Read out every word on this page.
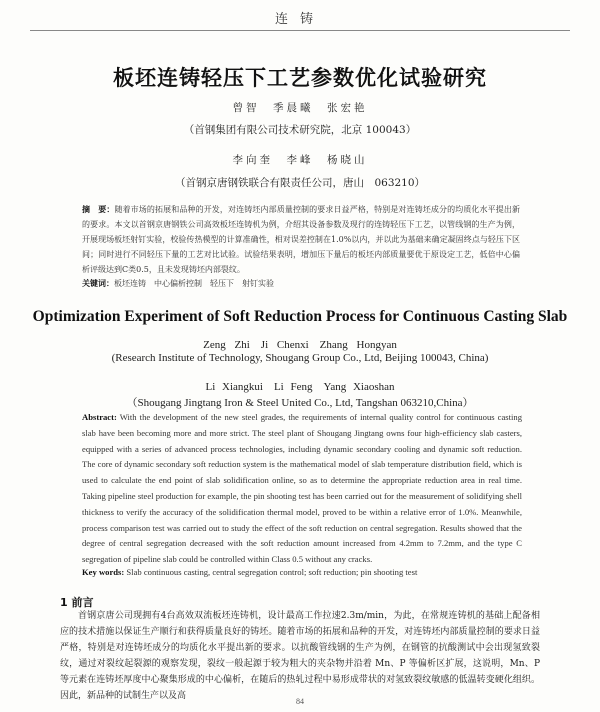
连铸
板坯连铸轻压下工艺参数优化试验研究
曾智　季晨曦　张宏艳
（首钢集团有限公司技术研究院，北京 100043）
李向奎　李峰　杨晓山
（首钢京唐钢铁联合有限责任公司，唐山　063210）
摘　要：随着市场的拓展和品种的开发，对连铸坯内部质量控制的要求日益严格，特别是对连铸坯成分的均质化水平提出新的要求。本文以首钢京唐钢铁公司高效板坯连铸机为例，介绍其设备参数及现行的连铸轻压下工艺，以管线钢的生产为例，开展现场板坯射钉实验，校验传热模型的计算准确性，相对误差控制在1.0%以内，并以此为基础来确定凝固终点与轻压下区间；同时进行不同轻压下量的工艺对比试验。试验结果表明，增加压下量后的板坯内部质量要优于原设定工艺，低倍中心偏析评级达到C类0.5，且未发现铸坯内部裂纹。
关键词：板坯连铸　中心偏析控制　轻压下　射钉实验
Optimization Experiment of Soft Reduction Process for Continuous Casting Slab
Zeng Zhi　Ji Chenxi　Zhang Hongyan
(Research Institute of Technology, Shougang Group Co., Ltd, Beijing 100043, China)
Li Xiangkui　Li Feng　Yang Xiaoshan
（Shougang Jingtang Iron & Steel United Co., Ltd, Tangshan 063210,China）
Abstract: With the development of the new steel grades, the requirements of internal quality control for continuous casting slab have been becoming more and more strict. The steel plant of Shougang Jingtang owns four high-efficiency slab casters, equipped with a series of advanced process technologies, including dynamic secondary cooling and dynamic soft reduction. The core of dynamic secondary soft reduction system is the mathematical model of slab temperature distribution field, which is used to calculate the end point of slab solidification online, so as to determine the appropriate reduction area in real time. Taking pipeline steel production for example, the pin shooting test has been carried out for the measurement of solidifying shell thickness to verify the accuracy of the solidification thermal model, proved to be within a relative error of 1.0%. Meanwhile, process comparison test was carried out to study the effect of the soft reduction on central segregation. Results showed that the degree of central segregation decreased with the soft reduction amount increased from 4.2mm to 7.2mm, and the type C segregation of pipeline slab could be controlled within Class 0.5 without any cracks.
Key words: Slab continuous casting, central segregation control; soft reduction; pin shooting test
1 前言
首钢京唐公司现拥有4台高效双流板坯连铸机，设计最高工作拉速2.3m/min，为此，在常规连铸机的基础上配备相应的技术措施以保证生产顺行和获得质量良好的铸坯。随着市场的拓展和品种的开发，对连铸坯内部质量控制的要求日益严格，特别是对连铸坯成分的均质化水平提出新的要求。以抗酸管线钢的生产为例，在钢管的抗酸测试中会出现氢致裂纹，通过对裂纹起裂源的观察发现，裂纹一般起源于较为粗大的夹杂物并沿着 Mn、P 等偏析区扩展，这说明，Mn、P 等元素在连铸坯厚度中心聚集形成的中心偏析，在随后的热轧过程中易形成带状的对氢致裂纹敏感的低温转变硬化组织。因此，新品种的试制生产以及高
84
